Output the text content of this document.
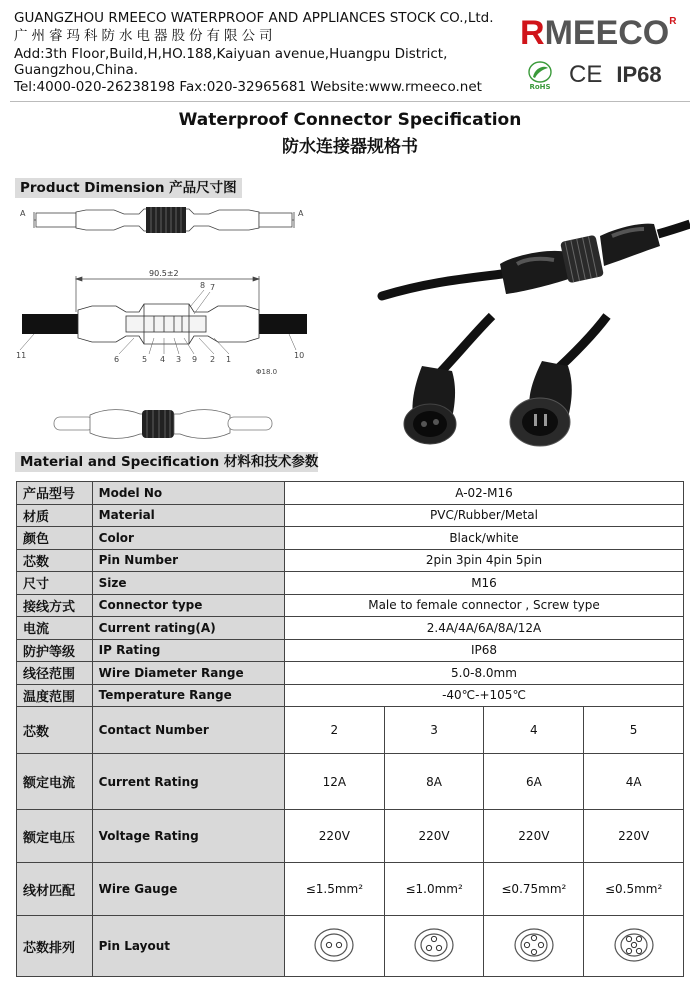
GUANGZHOU RMEECO WATERPROOF AND APPLIANCES STOCK CO.,Ltd.
广州睿玛科防水电器股份有限公司
Add:3th Floor,Build,H,HO.188,Kaiyuan avenue,Huangpu District,
Guangzhou,China.
Tel:4000-020-26238198 Fax:020-32965681 Website:www.rmeeco.net
$RMEECO^R$
RoHS CE IP68
Waterproof Connector Specification
防水连接器规格书
Product Dimension 产品尺寸图
A	A
90.5±2
6	5 4 3 9 2 1
8 7
11	10
Φ18.0
Material and Specification 材料和技术参数
产品型号	Model No	A-02-M16			
材质	Material	PVC/Rubber/Metal			
颜色	Color	Black/white			
芯数	Pin Number	2pin 3pin 4pin 5pin			
尺寸	Size	M16			
接线方式	Connector type	Male to female connector , Screw type			
电流	Current rating(A)	2.4A/4A/6A/8A/12A			
防护等级	IP Rating	IP68			
线径范围	Wire Diameter Range	5.0-8.0mm			
温度范围	Temperature Range	-40℃-+105℃			
芯数	Contact Number	2	3	4	5
额定电流	Current Rating	12A	8A	6A	4A
额定电压	Voltage Rating	220V	220V	220V	220V
线材匹配	Wire Gauge	≤1.5mm²	≤1.0mm²	≤0.75mm²	≤0.5mm²
芯数排列	Pin Layout				
